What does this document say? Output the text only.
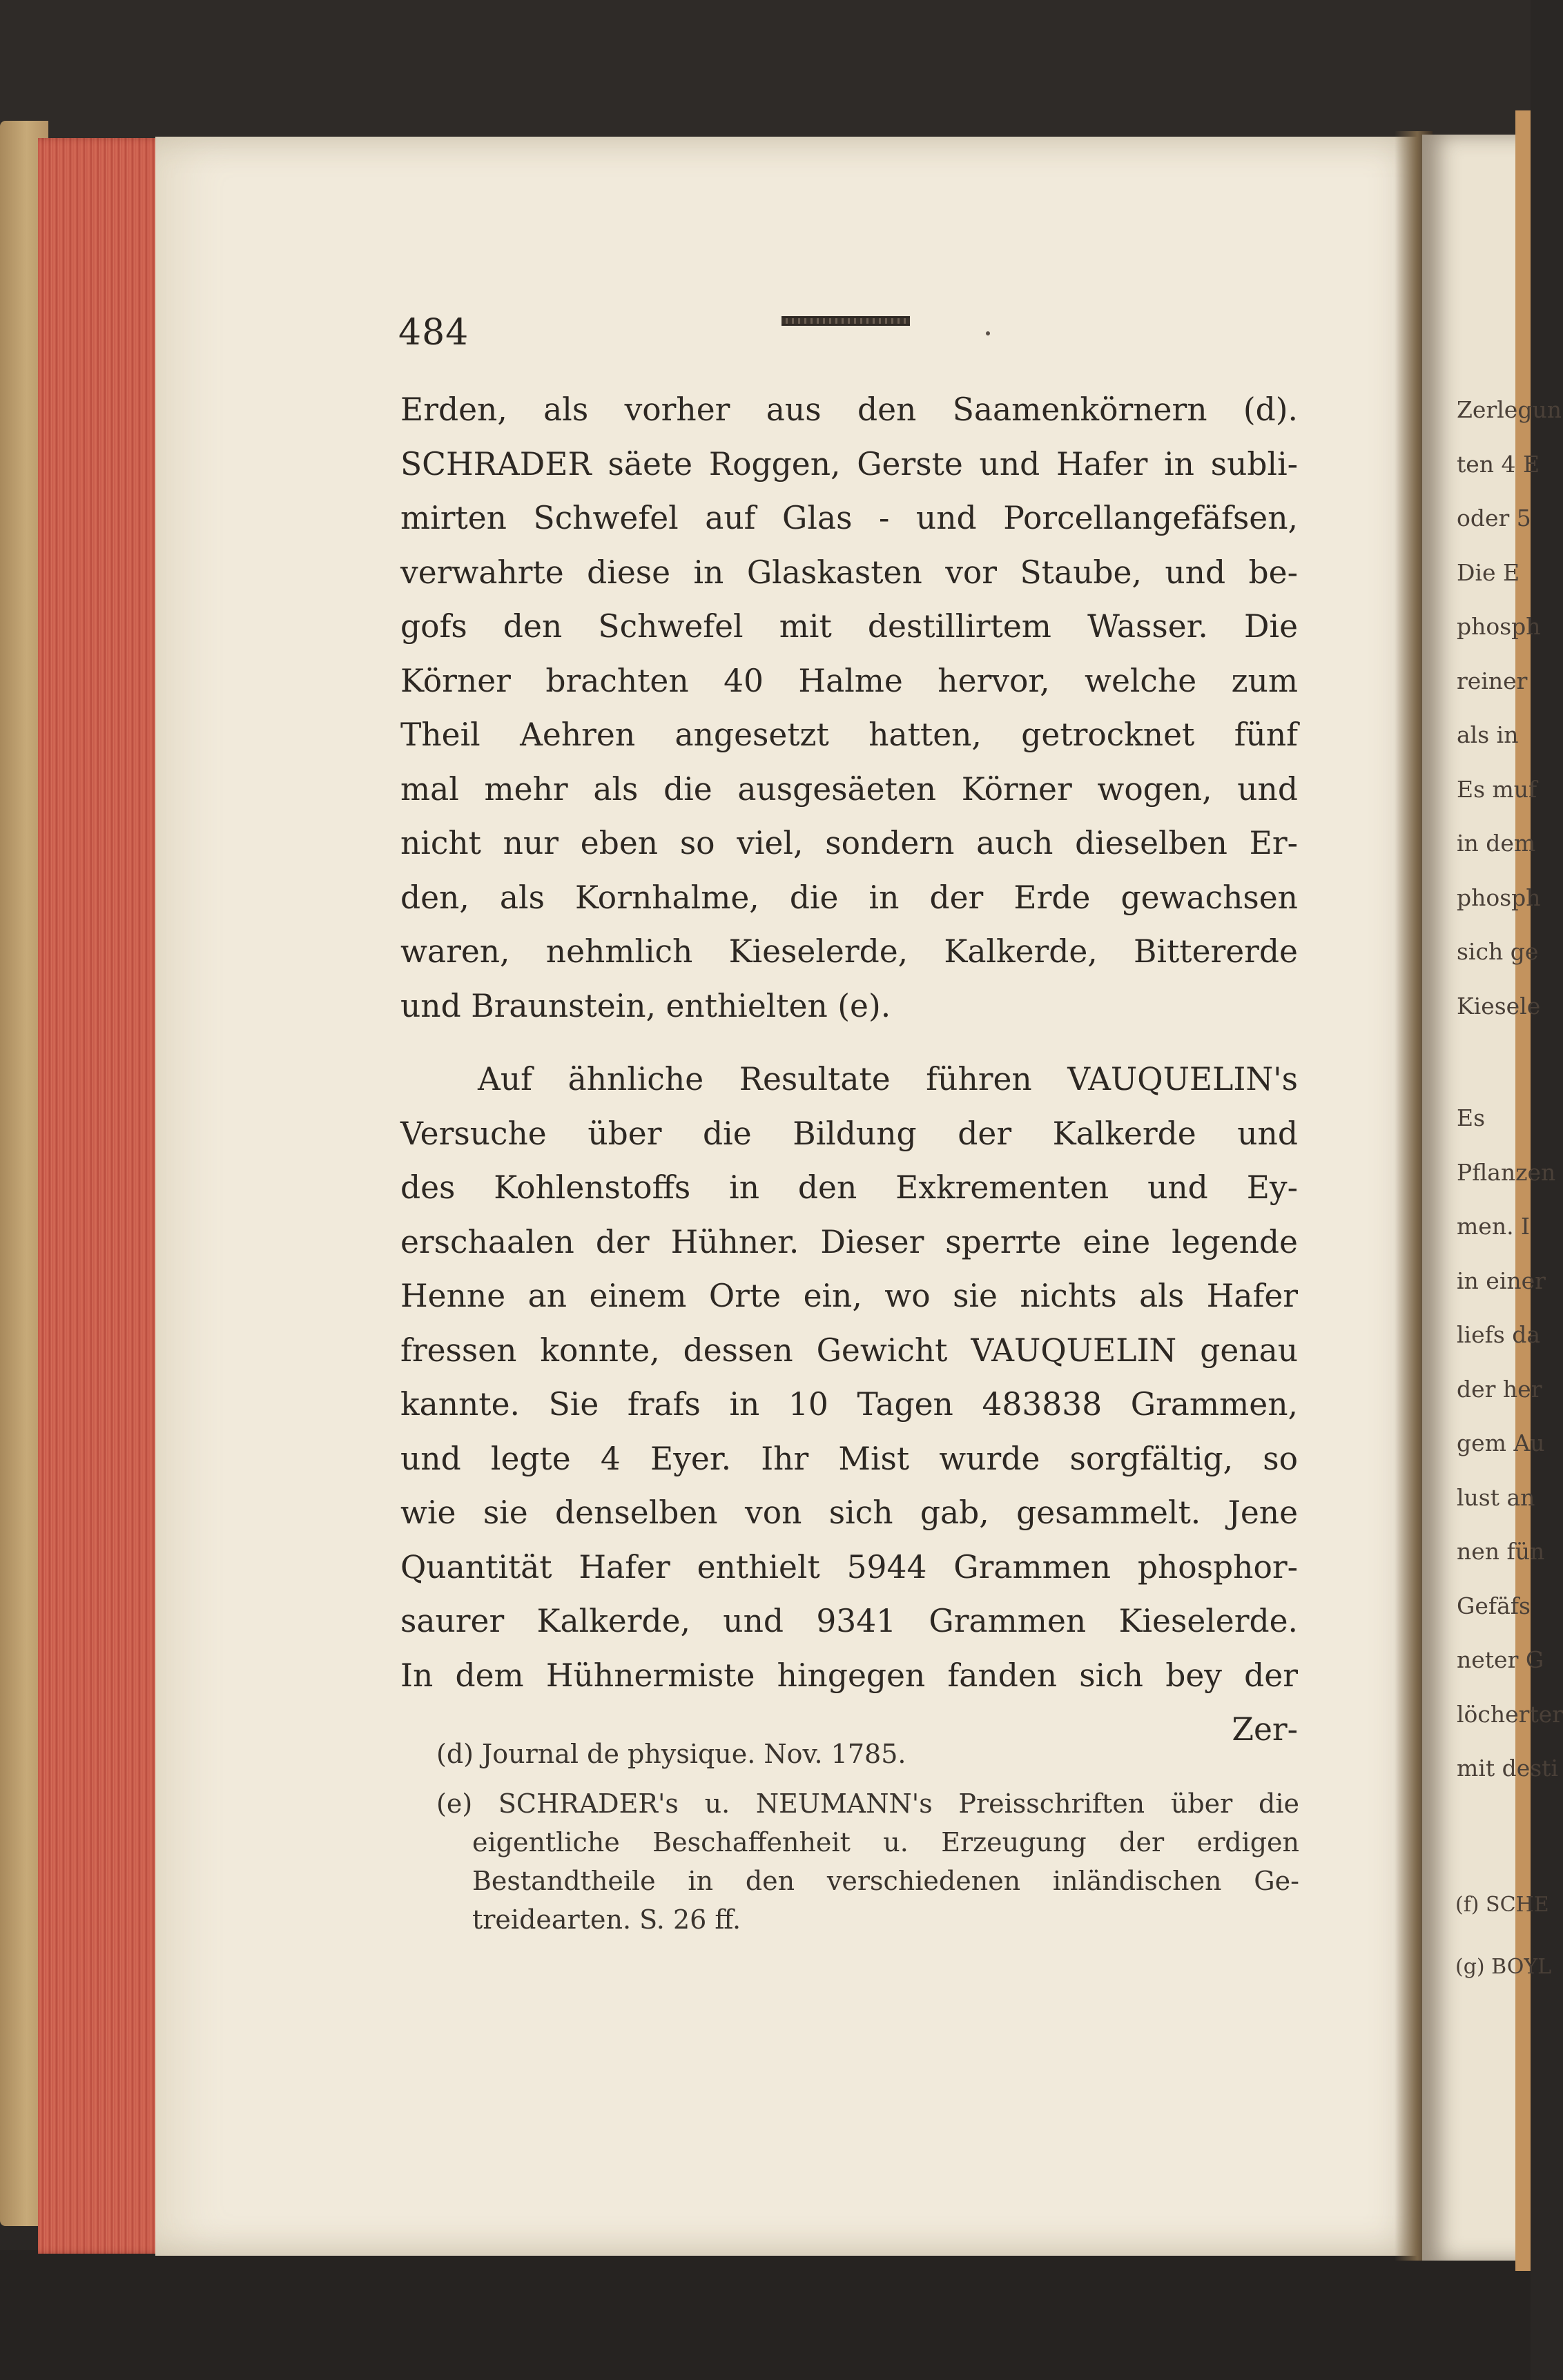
484
Erden, als vorher aus den Saamenkörnern (d).
SCHRADER säete Roggen, Gerste und Hafer in subli-
mirten Schwefel auf Glas - und Porcellangefäfsen,
verwahrte diese in Glaskasten vor Staube, und be-
gofs den Schwefel mit destillirtem Wasser. Die
Körner brachten 40 Halme hervor, welche zum
Theil Aehren angesetzt hatten, getrocknet fünf
mal mehr als die ausgesäeten Körner wogen, und
nicht nur eben so viel, sondern auch dieselben Er-
den, als Kornhalme, die in der Erde gewachsen
waren, nehmlich Kieselerde, Kalkerde, Bittererde
und Braunstein, enthielten (e).
Auf ähnliche Resultate führen VAUQUELIN's
Versuche über die Bildung der Kalkerde und
des Kohlenstoffs in den Exkrementen und Ey-
erschaalen der Hühner. Dieser sperrte eine legende
Henne an einem Orte ein, wo sie nichts als Hafer
fressen konnte, dessen Gewicht VAUQUELIN genau
kannte. Sie frafs in 10 Tagen 483838 Grammen,
und legte 4 Eyer. Ihr Mist wurde sorgfältig, so
wie sie denselben von sich gab, gesammelt. Jene
Quantität Hafer enthielt 5944 Grammen phosphor-
saurer Kalkerde, und 9341 Grammen Kieselerde.
In dem Hühnermiste hingegen fanden sich bey der
Zer-
(d) Journal de physique. Nov. 1785.
(e) SCHRADER's u. NEUMANN's Preisschriften über die
eigentliche Beschaffenheit u. Erzeugung der erdigen
Bestandtheile in den verschiedenen inländischen Ge-
treidearten. S. 26 ff.
Zerlegun
ten 4 E
oder 5
Die E
phosph
reiner
als in
Es muf
in dem
phosph
sich ge
Kiesele
Es
Pflanzen
men. I
in einer
liefs da
der her
gem Au
lust an
nen fün
Gefäfs
neter G
löcherter
mit desti
(f) SCHE
(g) BOYL
